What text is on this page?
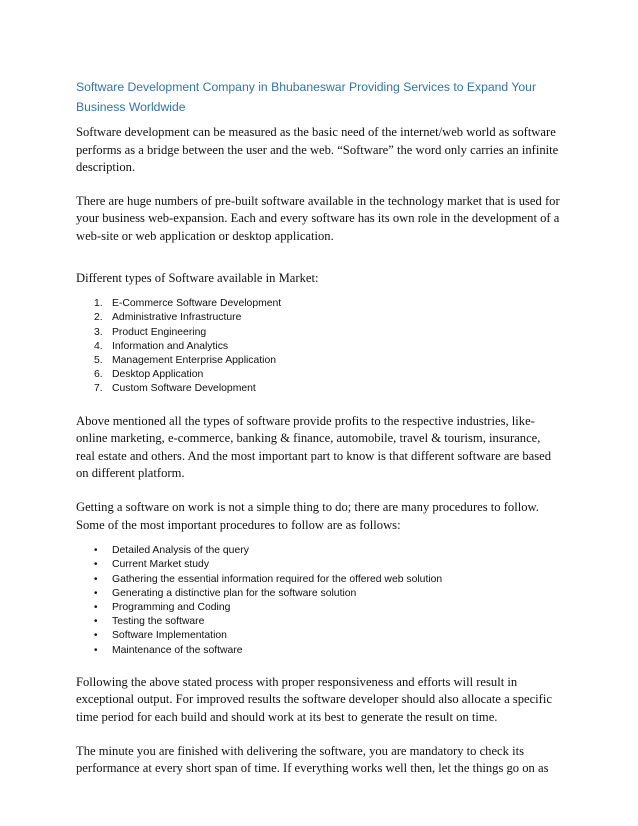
Software Development Company in Bhubaneswar Providing Services to Expand Your Business Worldwide

Software development can be measured as the basic need of the internet/web world as software performs as a bridge between the user and the web. “Software” the word only carries an infinite description.

There are huge numbers of pre-built software available in the technology market that is used for your business web-expansion. Each and every software has its own role in the development of a web-site or web application or desktop application.

Different types of Software available in Market:

1. E-Commerce Software Development
2. Administrative Infrastructure
3. Product Engineering
4. Information and Analytics
5. Management Enterprise Application
6. Desktop Application
7. Custom Software Development

Above mentioned all the types of software provide profits to the respective industries, like-online marketing, e-commerce, banking & finance, automobile, travel & tourism, insurance, real estate and others. And the most important part to know is that different software are based on different platform.

Getting a software on work is not a simple thing to do; there are many procedures to follow. Some of the most important procedures to follow are as follows:

• Detailed Analysis of the query
• Current Market study
• Gathering the essential information required for the offered web solution
• Generating a distinctive plan for the software solution
• Programming and Coding
• Testing the software
• Software Implementation
• Maintenance of the software

Following the above stated process with proper responsiveness and efforts will result in exceptional output. For improved results the software developer should also allocate a specific time period for each build and should work at its best to generate the result on time.

The minute you are finished with delivering the software, you are mandatory to check its performance at every short span of time. If everything works well then, let the things go on as
